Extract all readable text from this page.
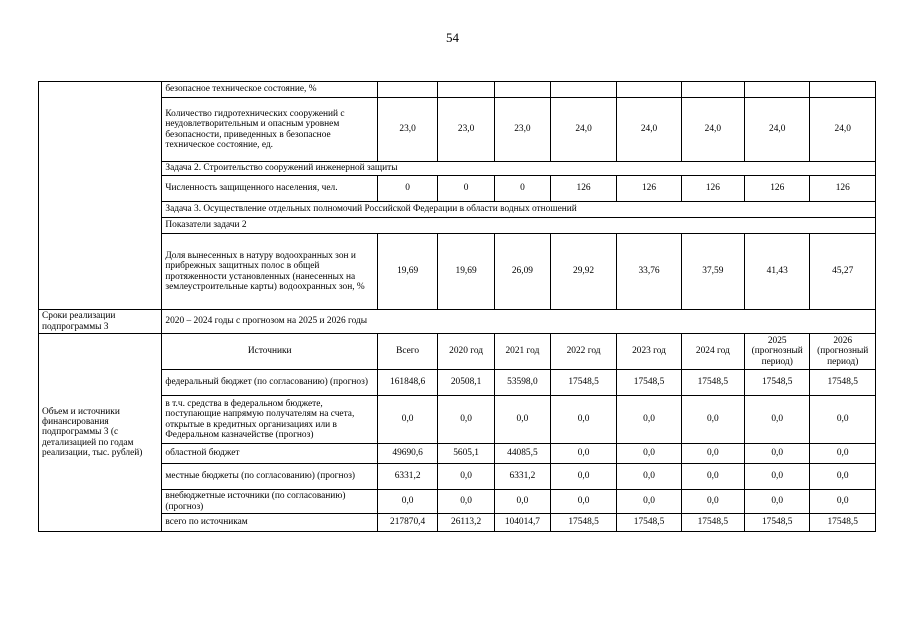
54
	безопасное техническое состояние, %								
	Количество гидротехнических сооружений с неудовлетворительным и опасным уровнем безопасности, приведенных в безопасное техническое состояние, ед.	23,0	23,0	23,0	24,0	24,0	24,0	24,0	24,0
	Задача 2. Строительство сооружений инженерной защиты								
	Численность защищенного населения, чел.	0	0	0	126	126	126	126	126
	Задача 3. Осуществление отдельных полномочий Российской Федерации в области водных отношений								
	Показатели задачи 2								
	Доля вынесенных в натуру водоохранных зон и прибрежных защитных полос в общей протяженности установленных (нанесенных на землеустроительные карты) водоохранных зон, %	19,69	19,69	26,09	29,92	33,76	37,59	41,43	45,27
Сроки реализации подпрограммы 3	2020 – 2024 годы с прогнозом на 2025 и 2026 годы								
Объем и источники финансирования подпрограммы 3 (с детализацией по годам реализации, тыс. рублей)	Источники	Всего	2020 год	2021 год	2022 год	2023 год	2024 год	2025 (прогнозный период)	2026 (прогнозный период)
	федеральный бюджет (по согласованию) (прогноз)	161848,6	20508,1	53598,0	17548,5	17548,5	17548,5	17548,5	17548,5
	в т.ч. средства в федеральном бюджете, поступающие напрямую получателям на счета, открытые в кредитных организациях или в Федеральном казначействе (прогноз)	0,0	0,0	0,0	0,0	0,0	0,0	0,0	0,0
	областной бюджет	49690,6	5605,1	44085,5	0,0	0,0	0,0	0,0	0,0
	местные бюджеты (по согласованию) (прогноз)	6331,2	0,0	6331,2	0,0	0,0	0,0	0,0	0,0
	внебюджетные источники (по согласованию) (прогноз)	0,0	0,0	0,0	0,0	0,0	0,0	0,0	0,0
	всего по источникам	217870,4	26113,2	104014,7	17548,5	17548,5	17548,5	17548,5	17548,5
